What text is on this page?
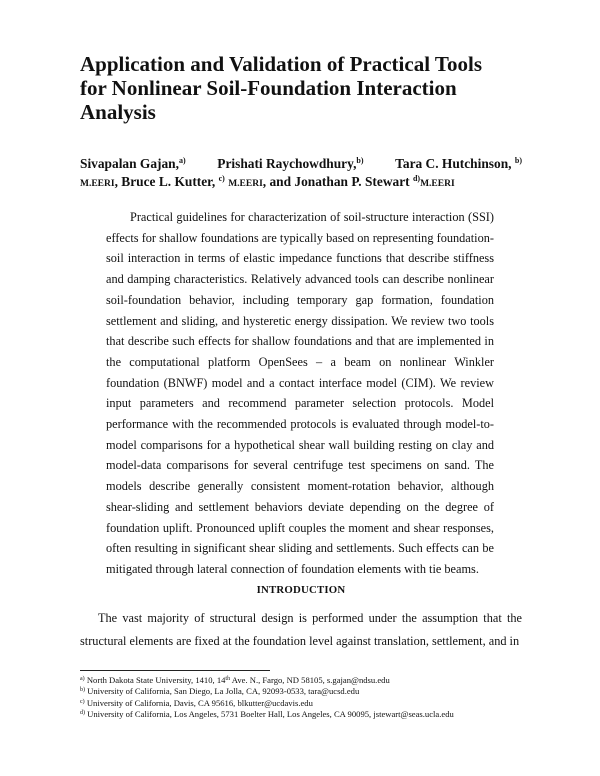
Application and Validation of Practical Tools
for Nonlinear Soil-Foundation Interaction
Analysis
Sivapalan Gajan,$^{a)}$ Prishati Raychowdhury,$^{b)}$ Tara C. Hutchinson, $^{b)}$
M.EERI, Bruce L. Kutter, $^{c)}$ M.EERI, and Jonathan P. Stewart $^{d)}$M.EERI

Practical guidelines for characterization of soil-structure interaction (SSI) effects for shallow foundations are typically based on representing foundation-soil interaction in terms of elastic impedance functions that describe stiffness and damping characteristics. Relatively advanced tools can describe nonlinear soil-foundation behavior, including temporary gap formation, foundation settlement and sliding, and hysteretic energy dissipation. We review two tools that describe such effects for shallow foundations and that are implemented in the computational platform OpenSees – a beam on nonlinear Winkler foundation (BNWF) model and a contact interface model (CIM). We review input parameters and recommend parameter selection protocols. Model performance with the recommended protocols is evaluated through model-to-model comparisons for a hypothetical shear wall building resting on clay and model-data comparisons for several centrifuge test specimens on sand. The models describe generally consistent moment-rotation behavior, although shear-sliding and settlement behaviors deviate depending on the degree of foundation uplift. Pronounced uplift couples the moment and shear responses, often resulting in significant shear sliding and settlements. Such effects can be mitigated through lateral connection of foundation elements with tie beams.

INTRODUCTION

The vast majority of structural design is performed under the assumption that the structural elements are fixed at the foundation level against translation, settlement, and in

$^{a)}$ North Dakota State University, 1410, 14th Ave. N., Fargo, ND 58105, s.gajan@ndsu.edu
$^{b)}$ University of California, San Diego, La Jolla, CA, 92093-0533, tara@ucsd.edu
$^{c)}$ University of California, Davis, CA 95616, blkutter@ucdavis.edu
$^{d)}$ University of California, Los Angeles, 5731 Boelter Hall, Los Angeles, CA 90095, jstewart@seas.ucla.edu
